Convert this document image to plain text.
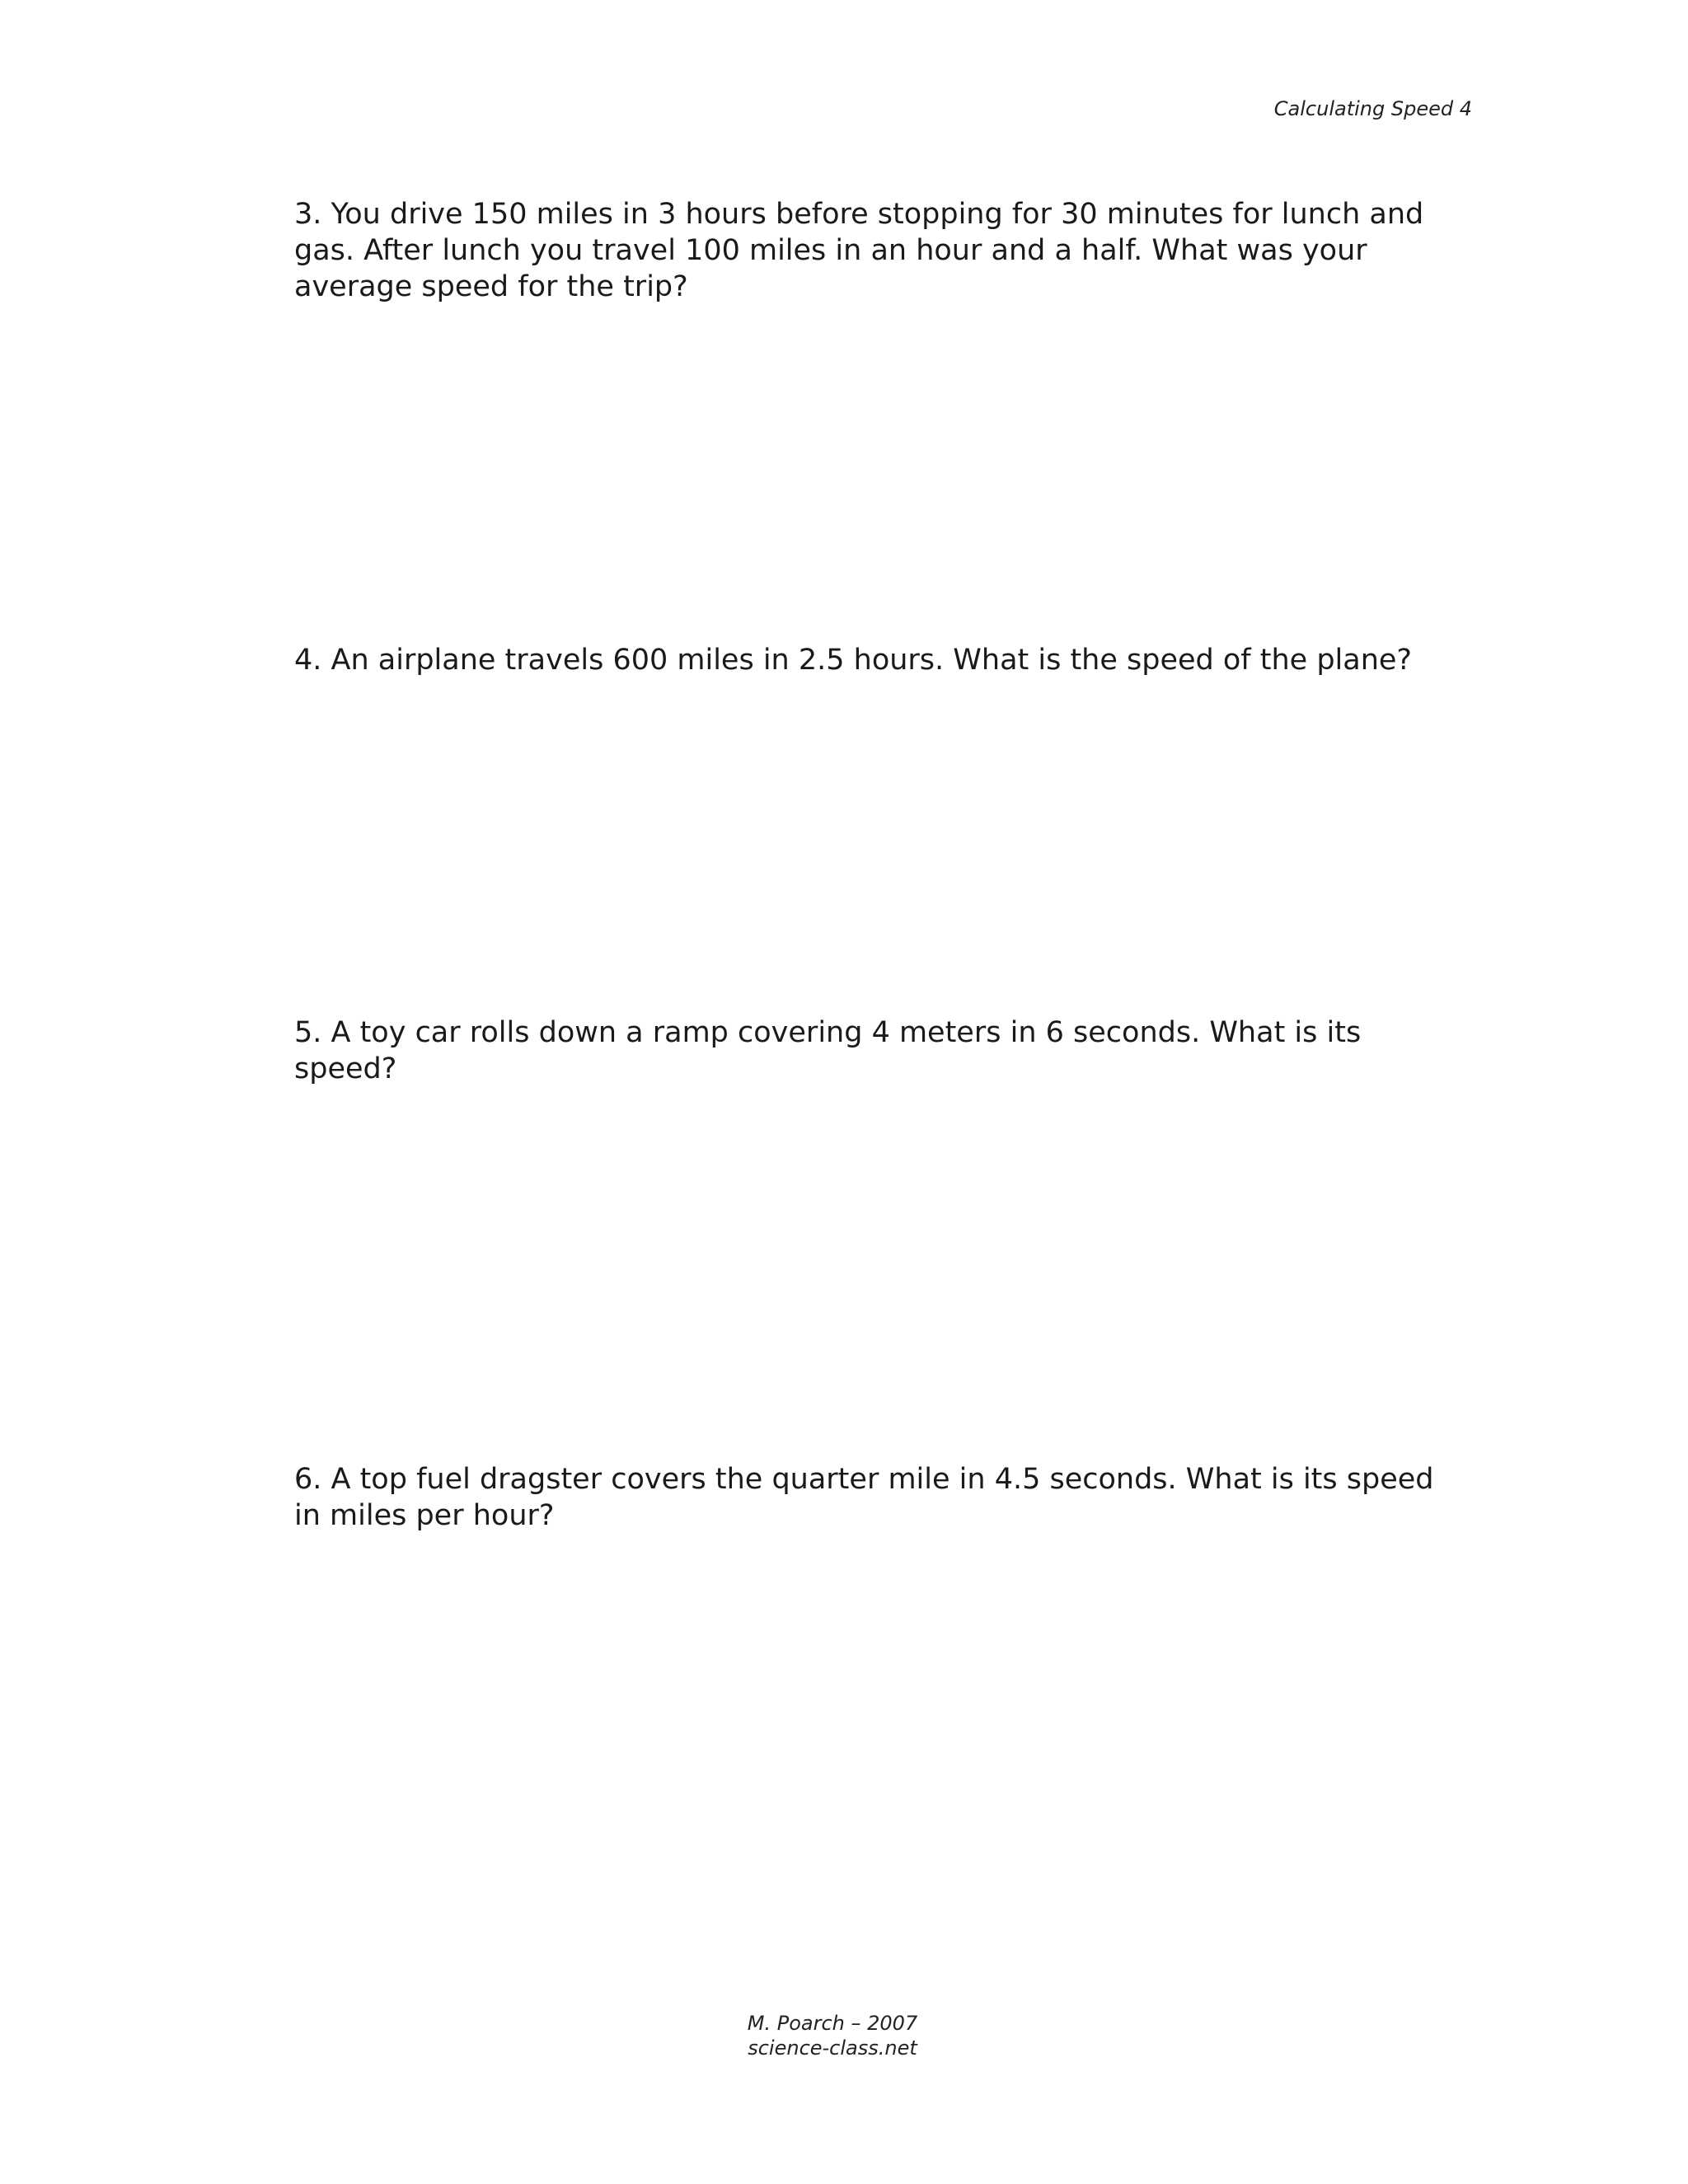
Calculating Speed 4

3. You drive 150 miles in 3 hours before stopping for 30 minutes for lunch and gas. After lunch you travel 100 miles in an hour and a half. What was your average speed for the trip?

4. An airplane travels 600 miles in 2.5 hours. What is the speed of the plane?

5. A toy car rolls down a ramp covering 4 meters in 6 seconds. What is its speed?

6. A top fuel dragster covers the quarter mile in 4.5 seconds. What is its speed in miles per hour?

M. Poarch – 2007
science-class.net
